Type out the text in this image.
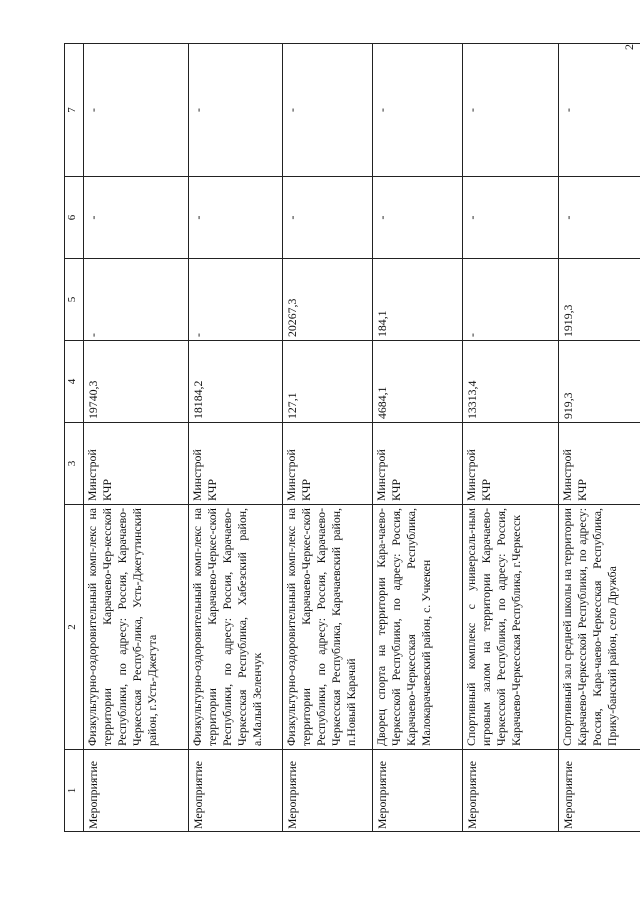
2
1	2	3	4	5	6	7
Мероприятие	Физкультурно-оздоровительный комп-лекс на территории Карачаево-Чер-кесской Республики, по адресу: Россия, Карачаево-Черкесская Респуб-лика, Усть-Джегутинский район, г.Усть-Джегута	Минстрой КЧР	19740,3	-	-	-
Мероприятие	Физкультурно-оздоровительный комп-лекс на территории Карачаево-Черкес-ской Республики, по адресу: Россия, Карачаево-Черкесская Республика, Хабезский район, а.Малый Зеленчук	Минстрой КЧР	18184,2	-	-	-
Мероприятие	Физкультурно-оздоровительный комп-лекс на территории Карачаево-Черкес-ской Республики, по адресу: Россия, Карачаево-Черкесская Республика, Карачаевский район, п.Новый Карачай	Минстрой КЧР	127,1	20267,3	-	-
Мероприятие	Дворец спорта на территории Кара-чаево-Черкесской Республики, по адресу: Россия, Карачаево-Черкесская Республика, Малокарачаевский район, с. Учкекен	Минстрой КЧР	4684,1	184,1	-	-
Мероприятие	Спортивный комплекс с универсаль-ным игровым залом на территории Карачаево-Черкесской Республики, по адресу: Россия, Карачаево-Черкесская Республика, г.Черкесск	Минстрой КЧР	13313,4	-	-	-
Мероприятие	Спортивный зал средней школы на территории Карачаево-Черкесской Республики, по адресу: Россия, Кара-чаево-Черкесская Республика, Прику-банский район, село Дружба	Минстрой КЧР	919,3	1919,3	-	-
